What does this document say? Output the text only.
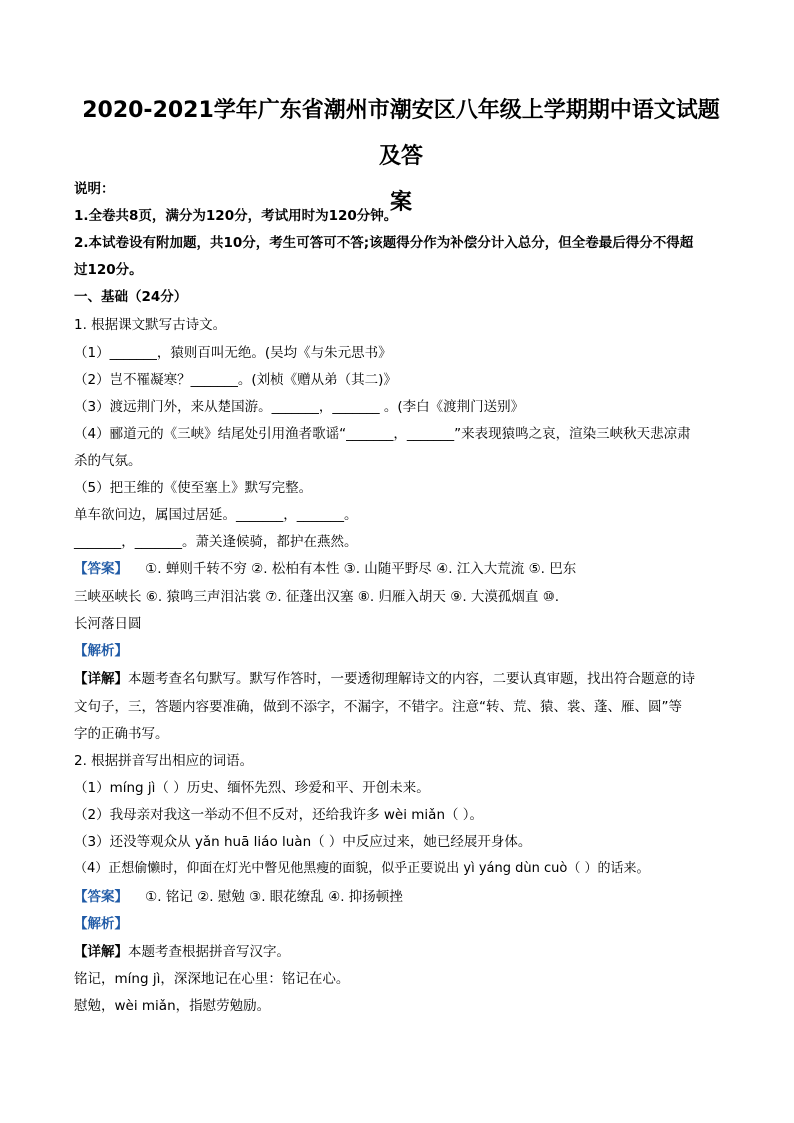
2020-2021学年广东省潮州市潮安区八年级上学期期中语文试题及答
案
说明：
1.全卷共8页，满分为120分，考试用时为120分钟。
2.本试卷设有附加题，共10分，考生可答可不答;该题得分作为补偿分计入总分，但全卷最后得分不得超
过120分。
一、基础（24分）
1. 根据课文默写古诗文。
（1）_______，猿则百叫无绝。(吴均《与朱元思书》
（2）岂不罹凝寒？_______。(刘桢《赠从弟（其二)》
（3）渡远荆门外，来从楚国游。_______，_______ 。(李白《渡荆门送别》
（4）郦道元的《三峡》结尾处引用渔者歌谣“_______，_______”来表现猿鸣之哀，渲染三峡秋天悲凉肃
杀的气氛。
（5）把王维的《使至塞上》默写完整。
单车欲问边，属国过居延。_______，_______。
_______，_______。萧关逢候骑，都护在燕然。
【答案】 ①. 蝉则千转不穷 ②. 松柏有本性 ③. 山随平野尽 ④. 江入大荒流 ⑤. 巴东
三峡巫峡长 ⑥. 猿鸣三声泪沾裳 ⑦. 征蓬出汉塞 ⑧. 归雁入胡天 ⑨. 大漠孤烟直 ⑩.
长河落日圆
【解析】
【详解】本题考查名句默写。默写作答时，一要透彻理解诗文的内容，二要认真审题，找出符合题意的诗
文句子，三，答题内容要准确，做到不添字，不漏字，不错字。注意“转、荒、猿、裳、蓬、雁、圆”等
字的正确书写。
2. 根据拼音写出相应的词语。
（1）míng jì（ ）历史、缅怀先烈、珍爱和平、开创未来。
（2）我母亲对我这一举动不但不反对，还给我许多 wèi miǎn（ ）。
（3）还没等观众从 yǎn huā liáo luàn（ ）中反应过来，她已经展开身体。
（4）正想偷懒时，仰面在灯光中瞥见他黑瘦的面貌，似乎正要说出 yì yáng dùn cuò（ ）的话来。
【答案】 ①. 铭记 ②. 慰勉 ③. 眼花缭乱 ④. 抑扬顿挫
【解析】
【详解】本题考查根据拼音写汉字。
铭记，míng jì，深深地记在心里：铭记在心。
慰勉，wèi miǎn，指慰劳勉励。
